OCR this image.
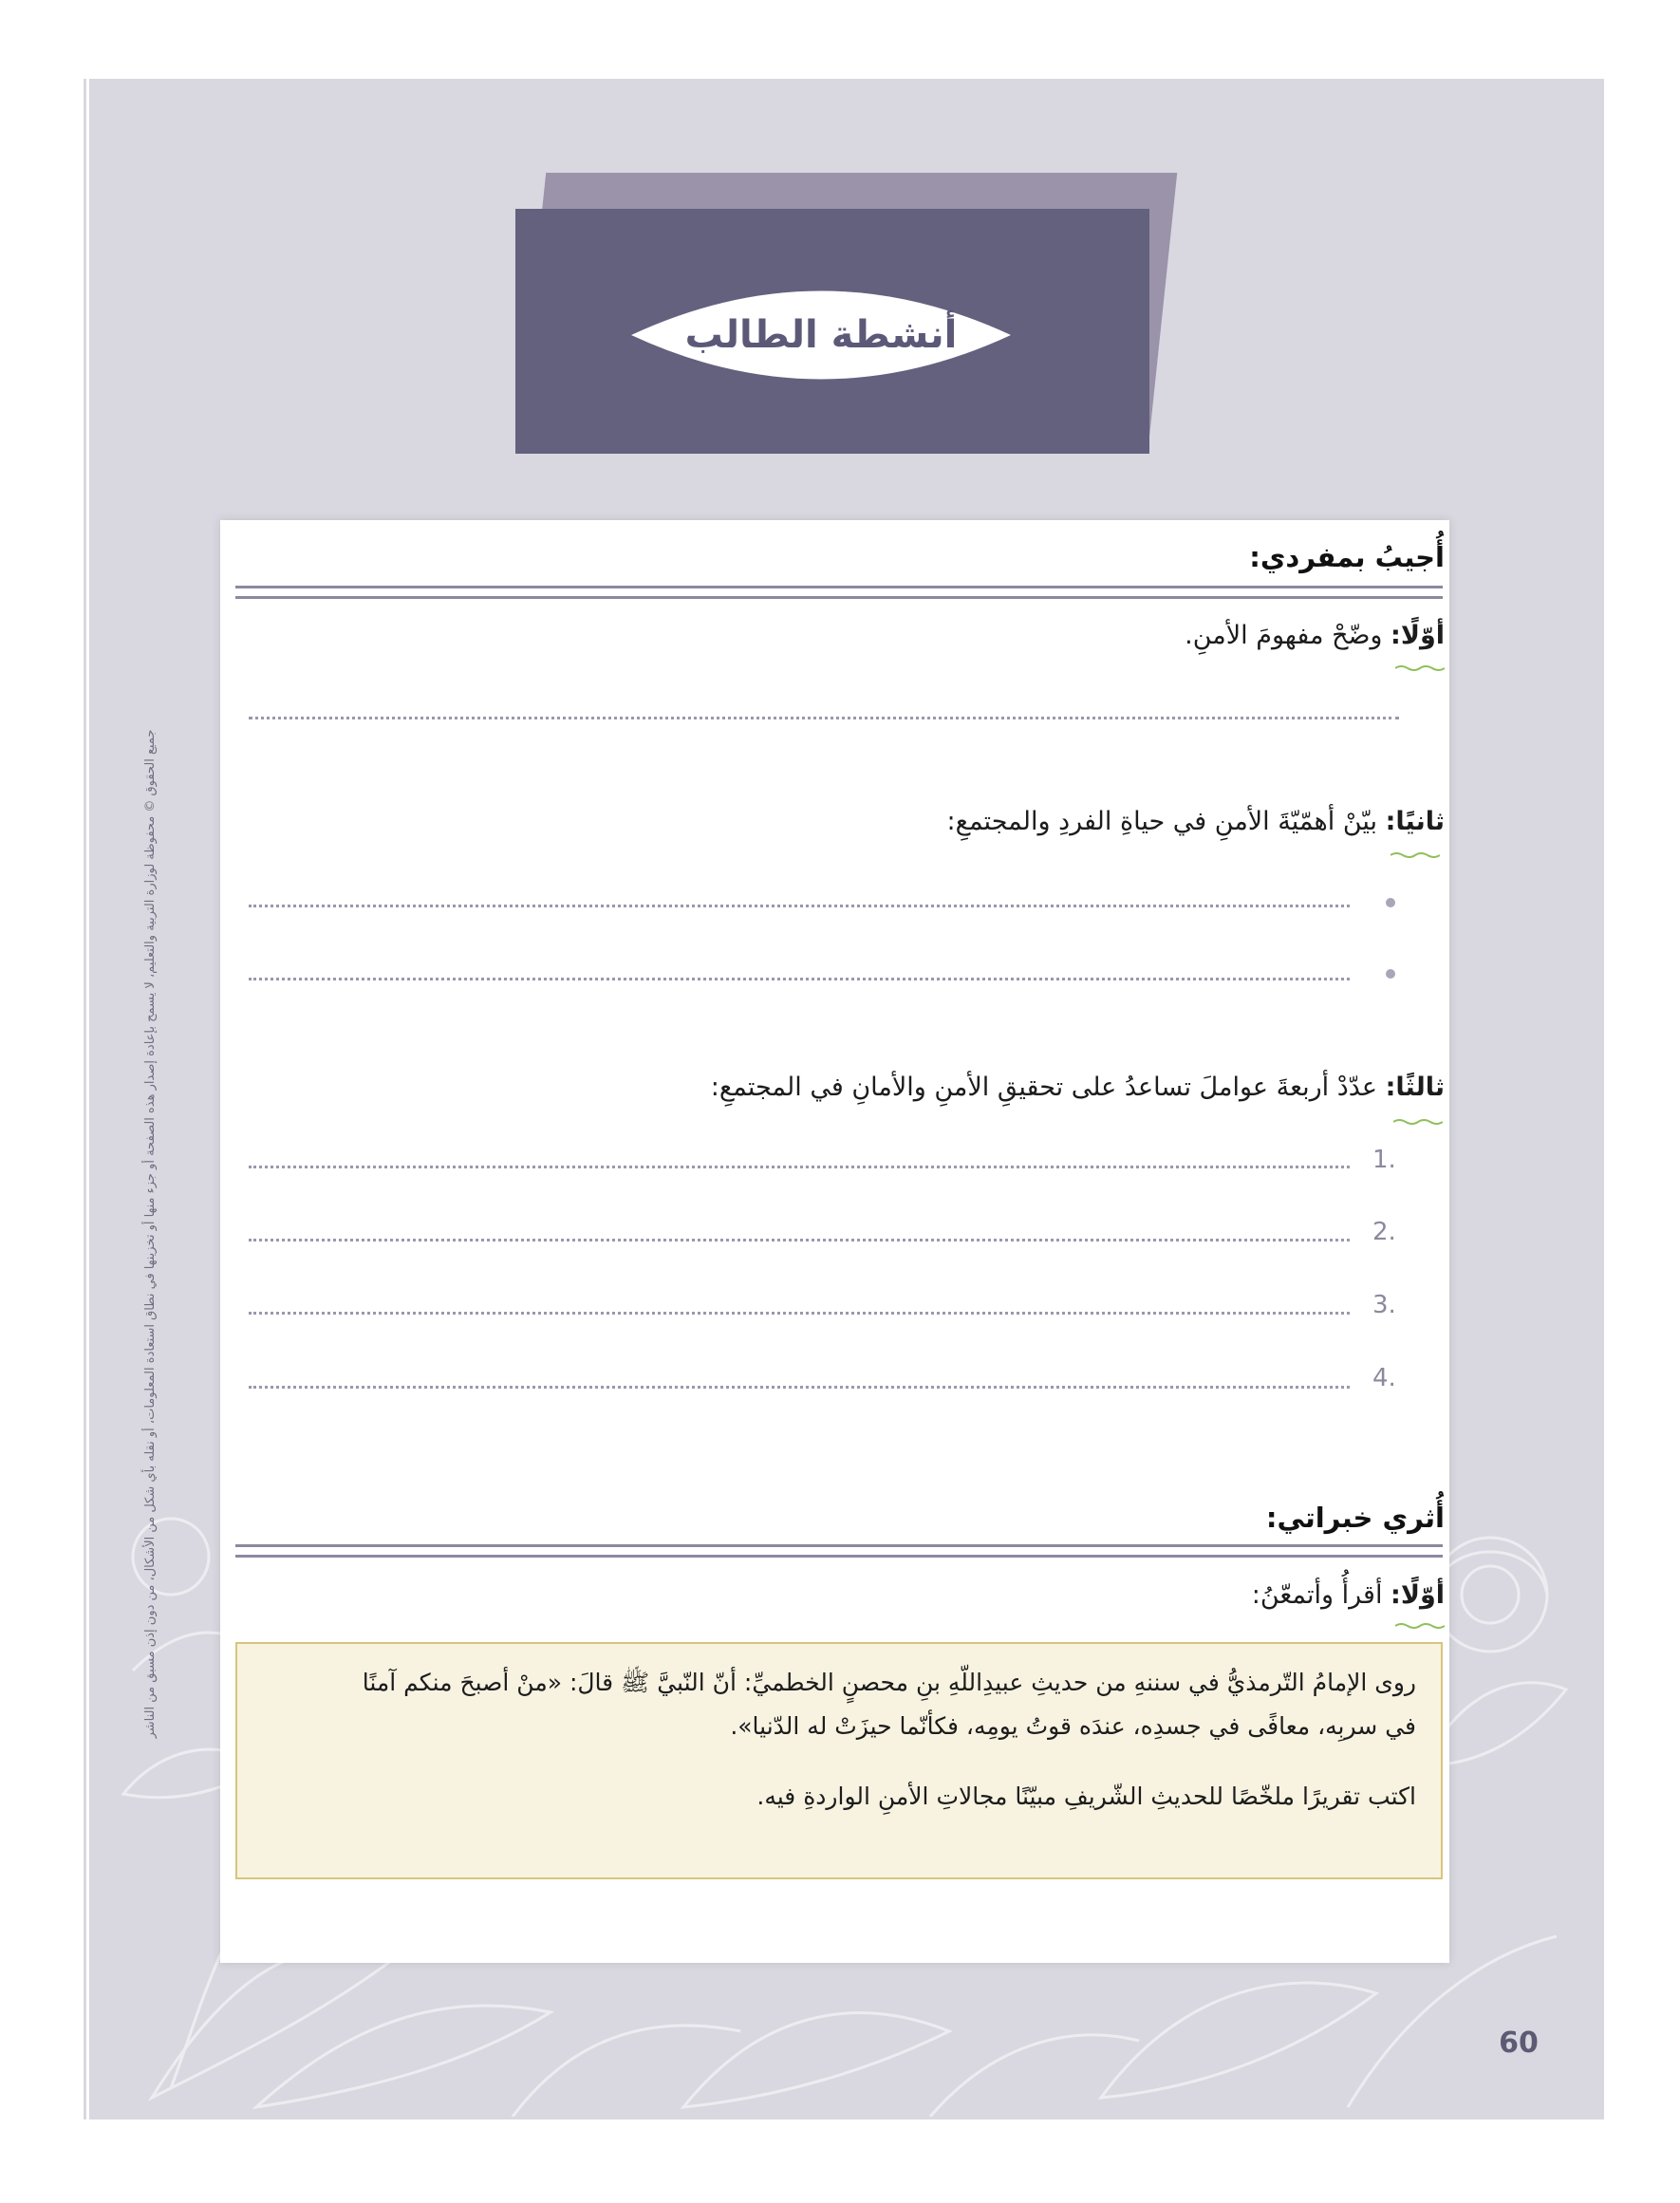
أنشطة الطالب
جميع الحقوق © محفوظة لوزارة التربية والتعليم، لا يسمح بإعادة إصدار هذه الصفحة أو جزء منها أو تخزينها في نطاق استعادة المعلومات، أو نقله بأي شكل من الأشكال، من دون إذن مسبق من الناشر
أُجيبُ بمفردي:
أوّلًا: وضّحْ مفهومَ الأمنِ.
ثانيًا: بيّنْ أهمّيّةَ الأمنِ في حياةِ الفردِ والمجتمعِ:
ثالثًا: عدّدْ أربعةَ عواملَ تساعدُ على تحقيقِ الأمنِ والأمانِ في المجتمعِ:
1.
2.
3.
4.
أُثري خبراتي:
أوّلًا: أقرأُ وأتمعّنُ:

روى الإمامُ التّرمذيُّ في سننهِ من حديثِ عبيدِاللّهِ بنِ محصنٍ الخطميِّ: أنّ النّبيَّ ﷺ قالَ: «منْ أصبحَ منكم آمنًا

في سربِه، معافًى في جسدِه، عندَه قوتُ يومِه، فكأنّما حيزَتْ له الدّنيا».

اكتب تقريرًا ملخّصًا للحديثِ الشّريفِ مبيّنًا مجالاتِ الأمنِ الواردةِ فيه.

60
